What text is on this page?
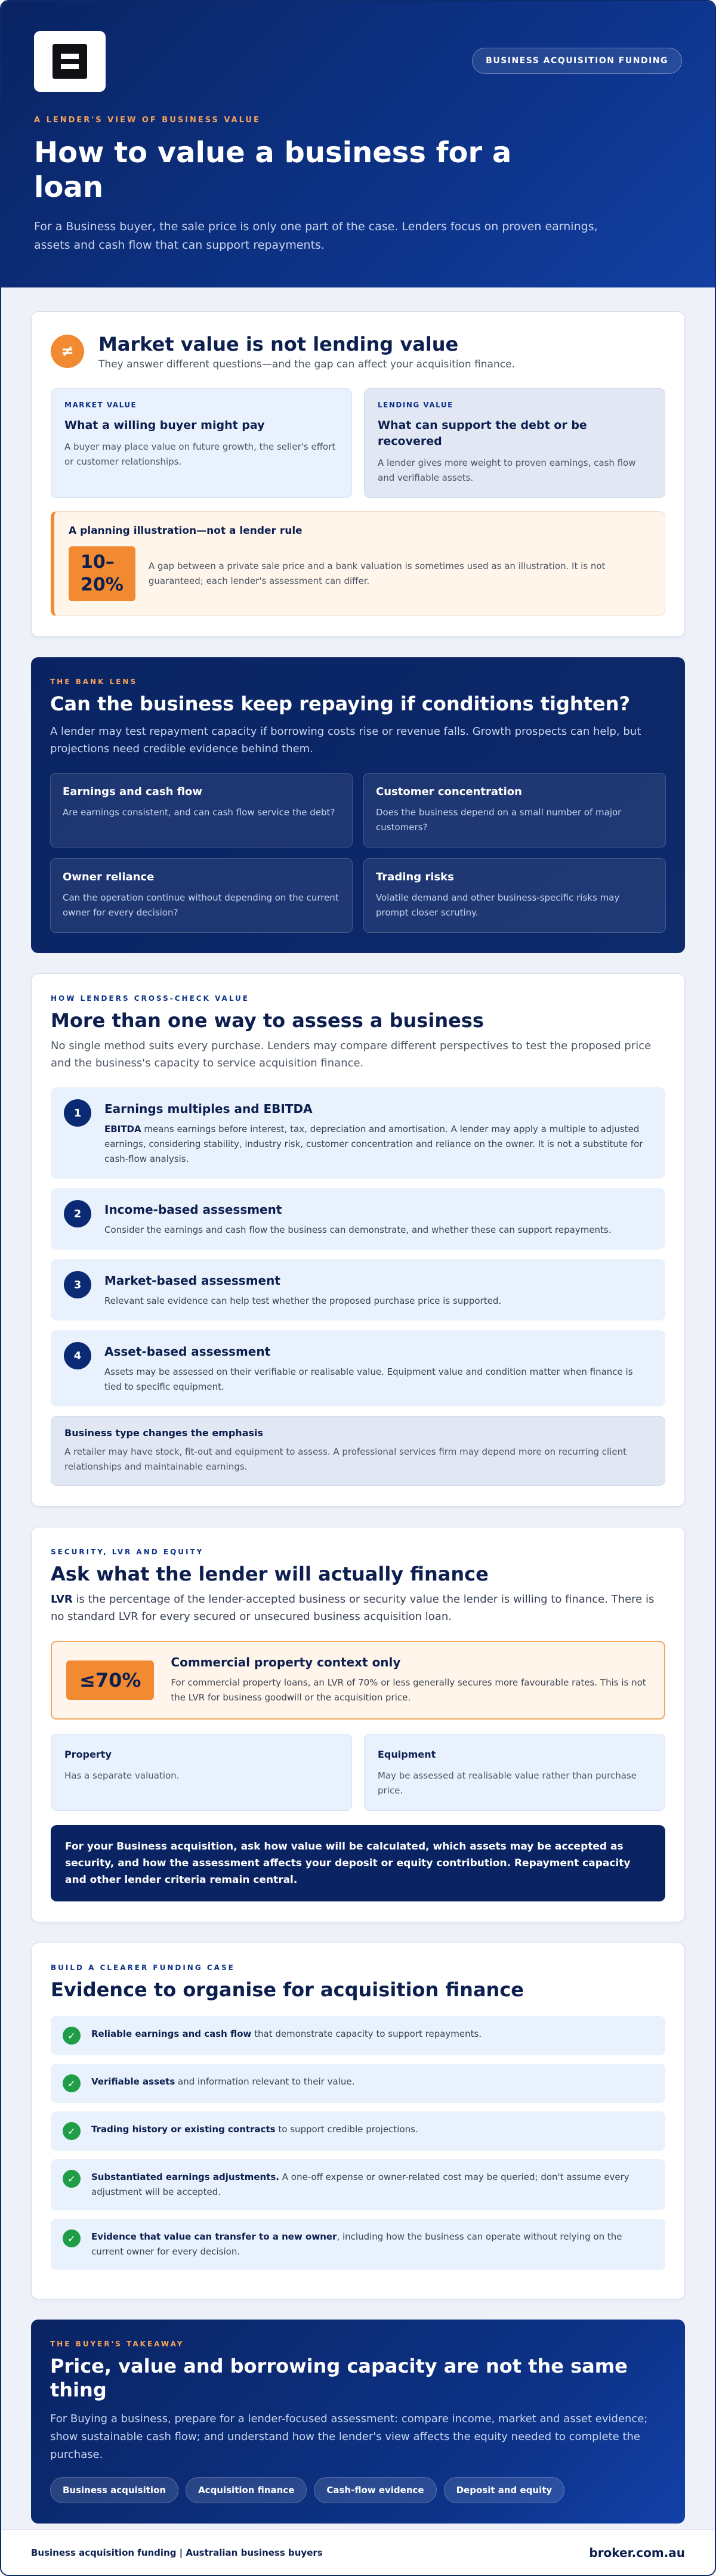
BUSINESS ACQUISITION FUNDING
A LENDER'S VIEW OF BUSINESS VALUE
How to value a business for a loan

For a Business buyer, the sale price is only one part of the case. Lenders focus on proven earnings, assets and cash flow that can support repayments.

≠	Market value is not lending value
They answer different questions—and the gap can affect your acquisition finance.
MARKET VALUE
What a willing buyer might pay

A buyer may place value on future growth, the seller's effort or customer relationships.

LENDING VALUE
What can support the debt or be recovered

A lender gives more weight to proven earnings, cash flow and verifiable assets.

A planning illustration—not a lender rule
10–20%

A gap between a private sale price and a bank valuation is sometimes used as an illustration. It is not guaranteed; each lender's assessment can differ.

THE BANK LENS
Can the business keep repaying if conditions tighten?

A lender may test repayment capacity if borrowing costs rise or revenue falls. Growth prospects can help, but projections need credible evidence behind them.

Earnings and cash flow

Are earnings consistent, and can cash flow service the debt?

Customer concentration

Does the business depend on a small number of major customers?

Owner reliance

Can the operation continue without depending on the current owner for every decision?

Trading risks

Volatile demand and other business-specific risks may prompt closer scrutiny.

HOW LENDERS CROSS-CHECK VALUE
More than one way to assess a business

No single method suits every purchase. Lenders may compare different perspectives to test the proposed price and the business's capacity to service acquisition finance.

1	Earnings multiples and EBITDA

EBITDA means earnings before interest, tax, depreciation and amortisation. A lender may apply a multiple to adjusted earnings, considering stability, industry risk, customer concentration and reliance on the owner. It is not a substitute for cash-flow analysis.

2	Income-based assessment

Consider the earnings and cash flow the business can demonstrate, and whether these can support repayments.

3	Market-based assessment

Relevant sale evidence can help test whether the proposed purchase price is supported.

4	Asset-based assessment

Assets may be assessed on their verifiable or realisable value. Equipment value and condition matter when finance is tied to specific equipment.

Business type changes the emphasis

A retailer may have stock, fit-out and equipment to assess. A professional services firm may depend more on recurring client relationships and maintainable earnings.

SECURITY, LVR AND EQUITY
Ask what the lender will actually finance

LVR is the percentage of the lender-accepted business or security value the lender is willing to finance. There is no standard LVR for every secured or unsecured business acquisition loan.

≤70%
Commercial property context only

For commercial property loans, an LVR of 70% or less generally secures more favourable rates. This is not the LVR for business goodwill or the acquisition price.

Property

Has a separate valuation.

Equipment

May be assessed at realisable value rather than purchase price.

For your Business acquisition, ask how value will be calculated, which assets may be accepted as security, and how the assessment affects your deposit or equity contribution. Repayment capacity and other lender criteria remain central.
BUILD A CLEARER FUNDING CASE
Evidence to organise for acquisition finance
✓	Reliable earnings and cash flow that demonstrate capacity to support repayments.

✓	Verifiable assets and information relevant to their value.

✓	Trading history or existing contracts to support credible projections.

✓	Substantiated earnings adjustments. A one-off expense or owner-related cost may be queried; don't assume every adjustment will be accepted.

✓	Evidence that value can transfer to a new owner, including how the business can operate without relying on the current owner for every decision.

THE BUYER'S TAKEAWAY
Price, value and borrowing capacity are not the same thing

For Buying a business, prepare for a lender-focused assessment: compare income, market and asset evidence; show sustainable cash flow; and understand how the lender's view affects the equity needed to complete the purchase.

Business acquisition	Acquisition finance	Cash-flow evidence	Deposit and equity
Business acquisition funding | Australian business buyers	broker.com.au
